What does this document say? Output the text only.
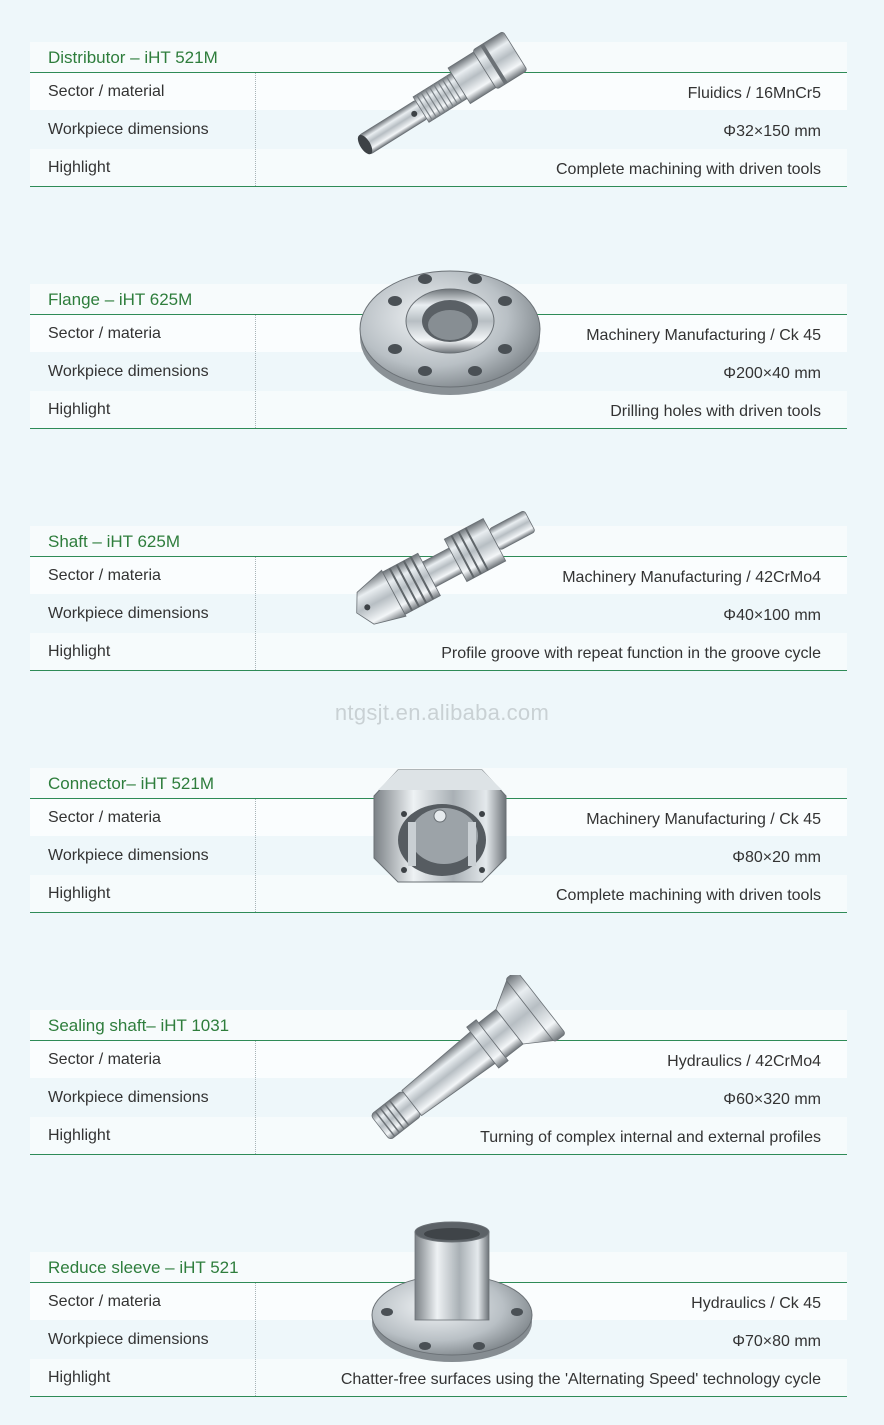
Distributor – iHT 521M
Sector / material	Fluidics / 16MnCr5
Workpiece dimensions	Φ32×150 mm
Highlight	Complete machining with driven tools
Flange – iHT 625M
Sector / materia	Machinery Manufacturing / Ck 45
Workpiece dimensions	Φ200×40 mm
Highlight	Drilling holes with driven tools
Shaft – iHT 625M
Sector / materia	Machinery Manufacturing / 42CrMo4
Workpiece dimensions	Φ40×100 mm
Highlight	Profile groove with repeat function in the groove cycle
ntgsjt.en.alibaba.com
Connector– iHT 521M
Sector / materia	Machinery Manufacturing / Ck 45
Workpiece dimensions	Φ80×20 mm
Highlight	Complete machining with driven tools
Sealing shaft– iHT 1031
Sector / materia	Hydraulics / 42CrMo4
Workpiece dimensions	Φ60×320 mm
Highlight	Turning of complex internal and external profiles
Reduce sleeve – iHT 521
Sector / materia	Hydraulics / Ck 45
Workpiece dimensions	Φ70×80 mm
Highlight	Chatter-free surfaces using the 'Alternating Speed' technology cycle
